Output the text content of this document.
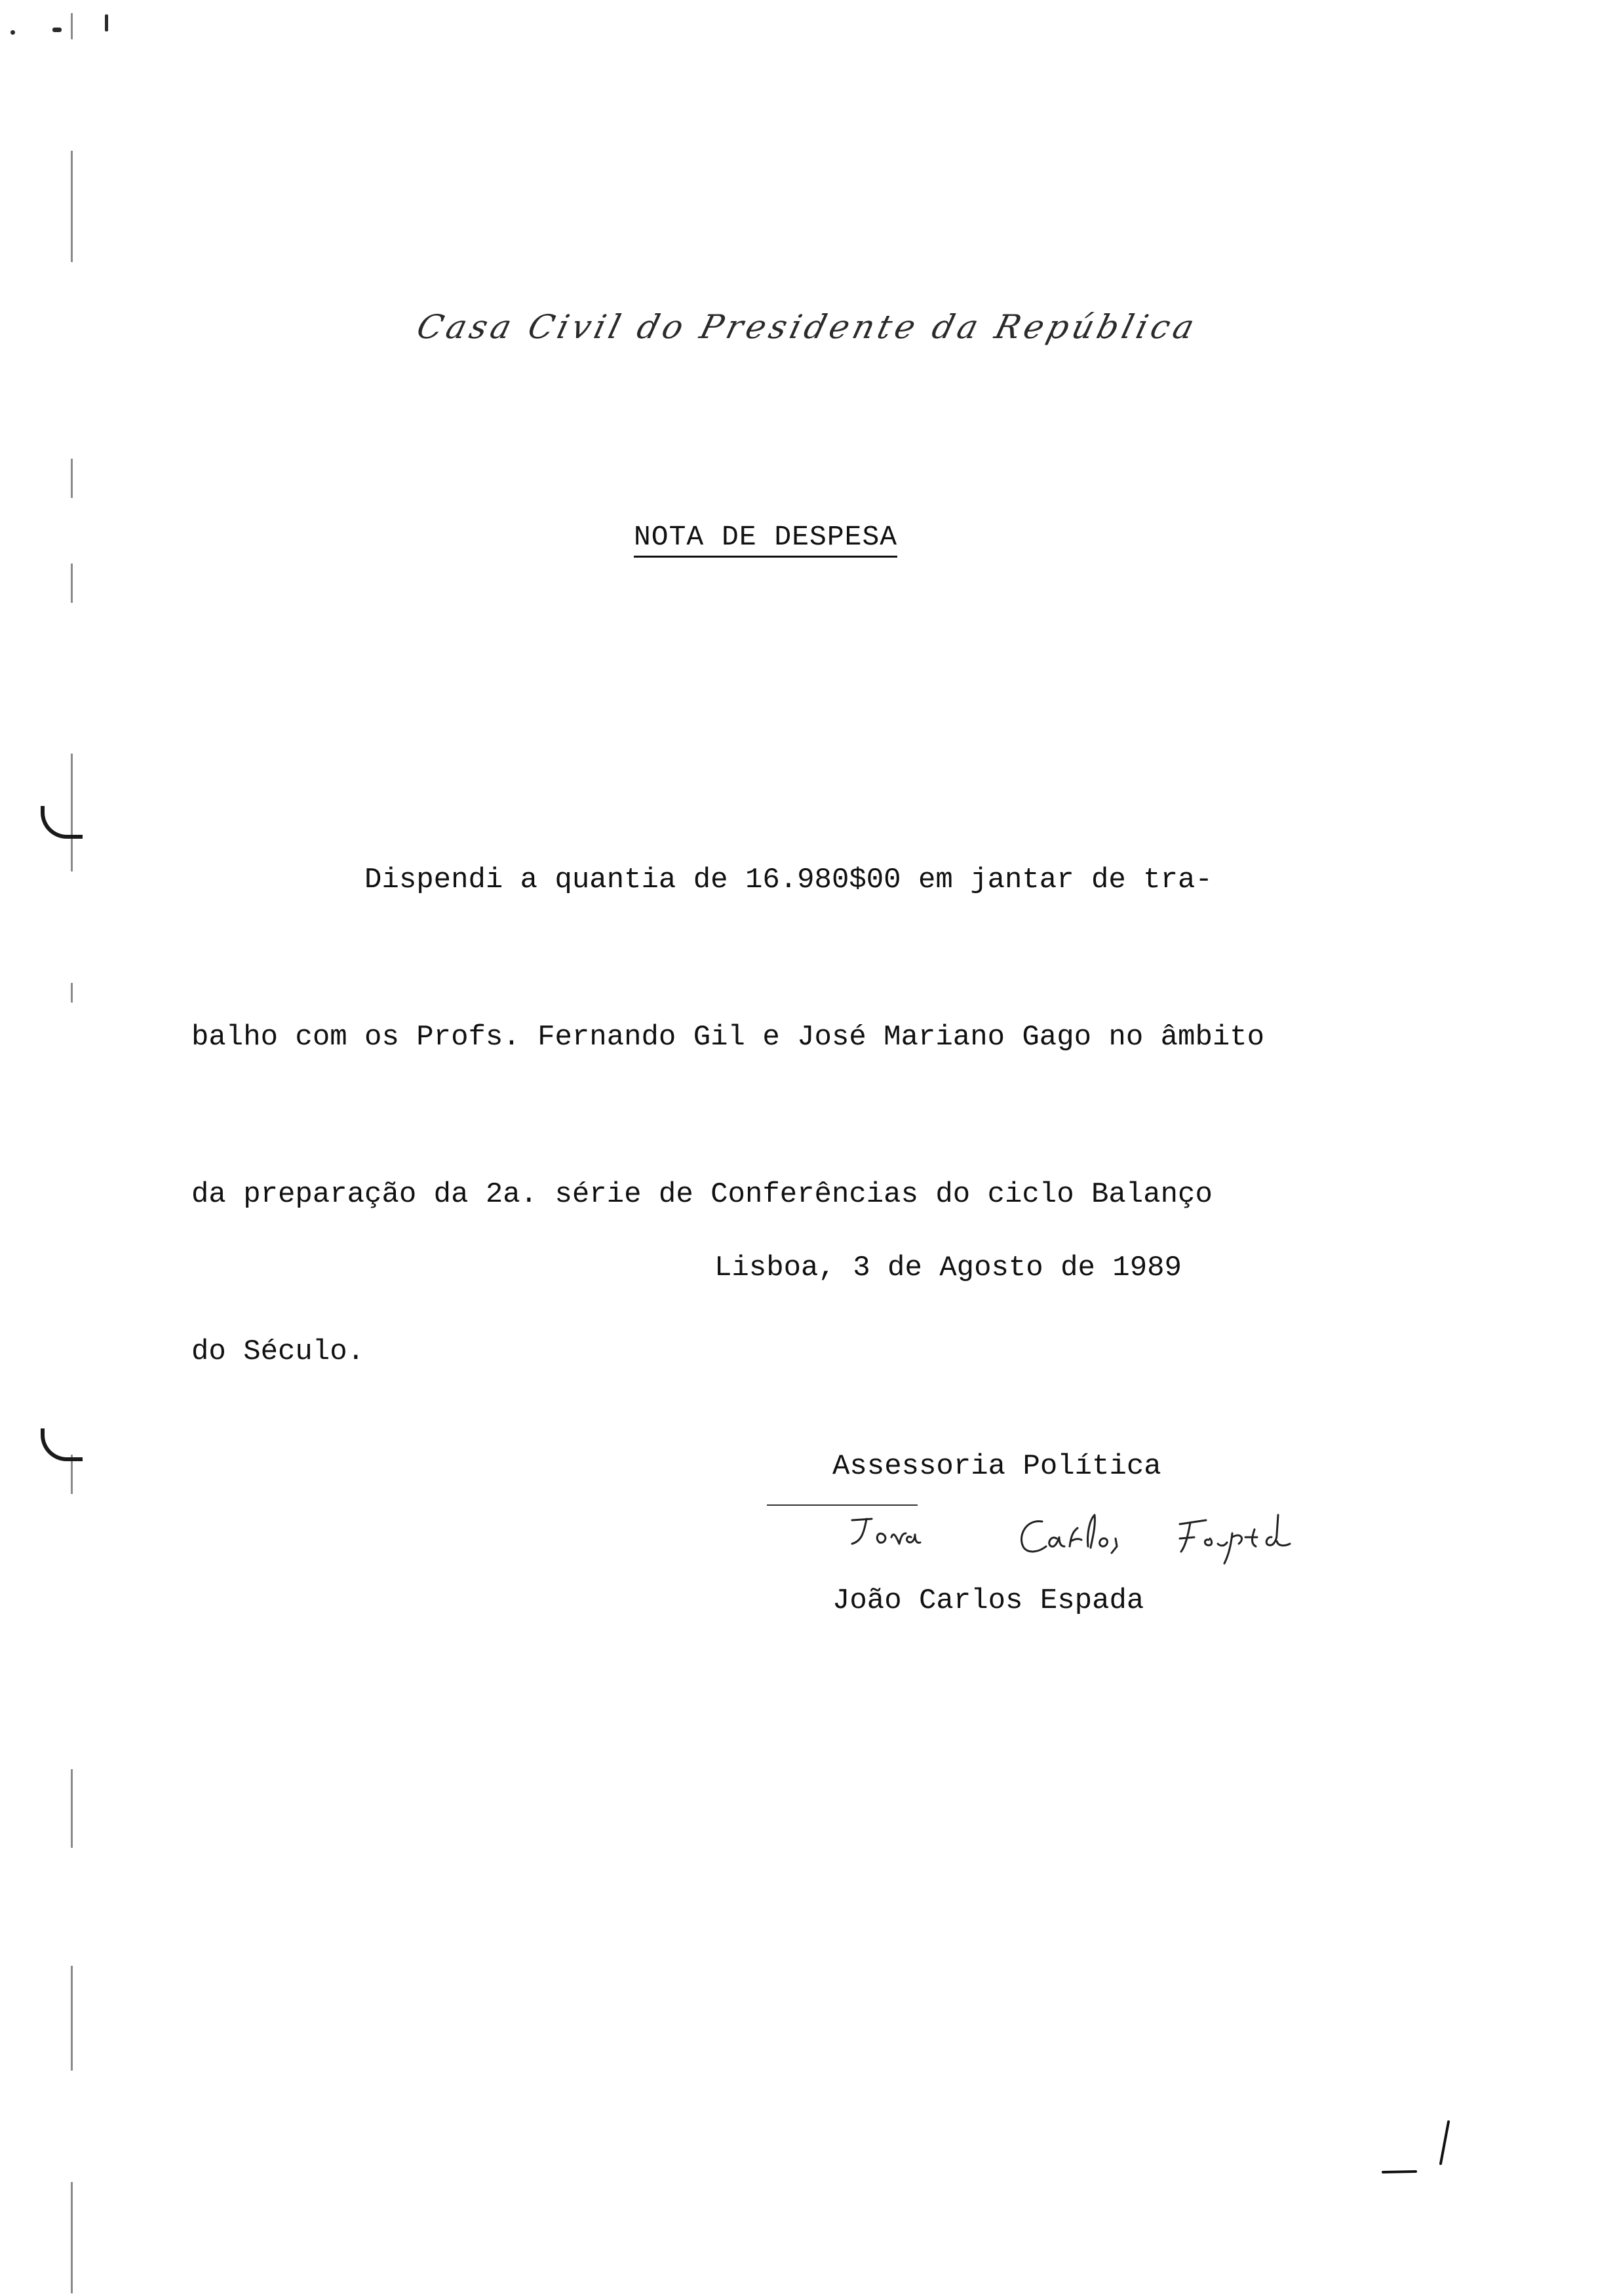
Casa Civil do Presidente da República
NOTA DE DESPESA

Dispendi a quantia de 16.980$00 em jantar de tra-

balho com os Profs. Fernando Gil e José Mariano Gago no âmbito

da preparação da 2a. série de Conferências do ciclo Balanço

do Século.

Lisboa, 3 de Agosto de 1989
Assessoria Política
João Carlos Espada
